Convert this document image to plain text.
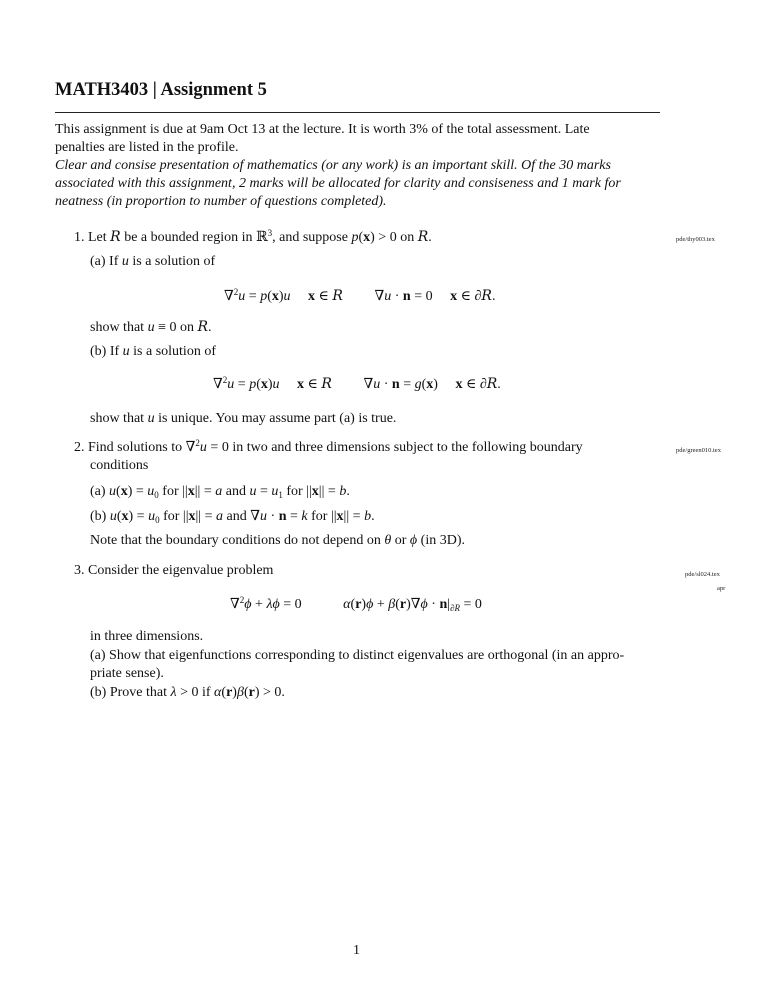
MATH3403 | Assignment 5
This assignment is due at 9am Oct 13 at the lecture. It is worth 3% of the total assessment. Late
penalties are listed in the profile.
Clear and consise presentation of mathematics (or any work) is an important skill. Of the 30 marks
associated with this assignment, 2 marks will be allocated for clarity and consiseness and 1 mark for
neatness (in proportion to number of questions completed).
pde/thy003.tex
1. Let R be a bounded region in ℝ$^3$, and suppose p(x) > 0 on R.
(a) If u is a solution of
∇$^2$u = p(x)u x ∈ R ∇u · n = 0 x ∈ ∂R.
show that u ≡ 0 on R.
(b) If u is a solution of
∇$^2$u = p(x)u x ∈ R ∇u · n = g(x) x ∈ ∂R.
show that u is unique. You may assume part (a) is true.
pde/green010.tex
2. Find solutions to ∇$^2$u = 0 in two and three dimensions subject to the following boundary
conditions
(a) $u(x) = u_0$ for ||x|| = a and $u = u_1$ for ||x|| = b.
(b) $u(x) = u_0$ for ||x|| = a and ∇u · n = k for ||x|| = b.
Note that the boundary conditions do not depend on θ or ϕ (in 3D).
pde/sl024.tex
apr
3. Consider the eigenvalue problem
∇$^2$ϕ + λϕ = 0	$\alpha(r)\phi + \beta(r)\nabla\phi \cdot n|_{\partial R} = 0$
in three dimensions.
(a) Show that eigenfunctions corresponding to distinct eigenvalues are orthogonal (in an appro-
priate sense).
(b) Prove that λ > 0 if α(r)β(r) > 0.
1
